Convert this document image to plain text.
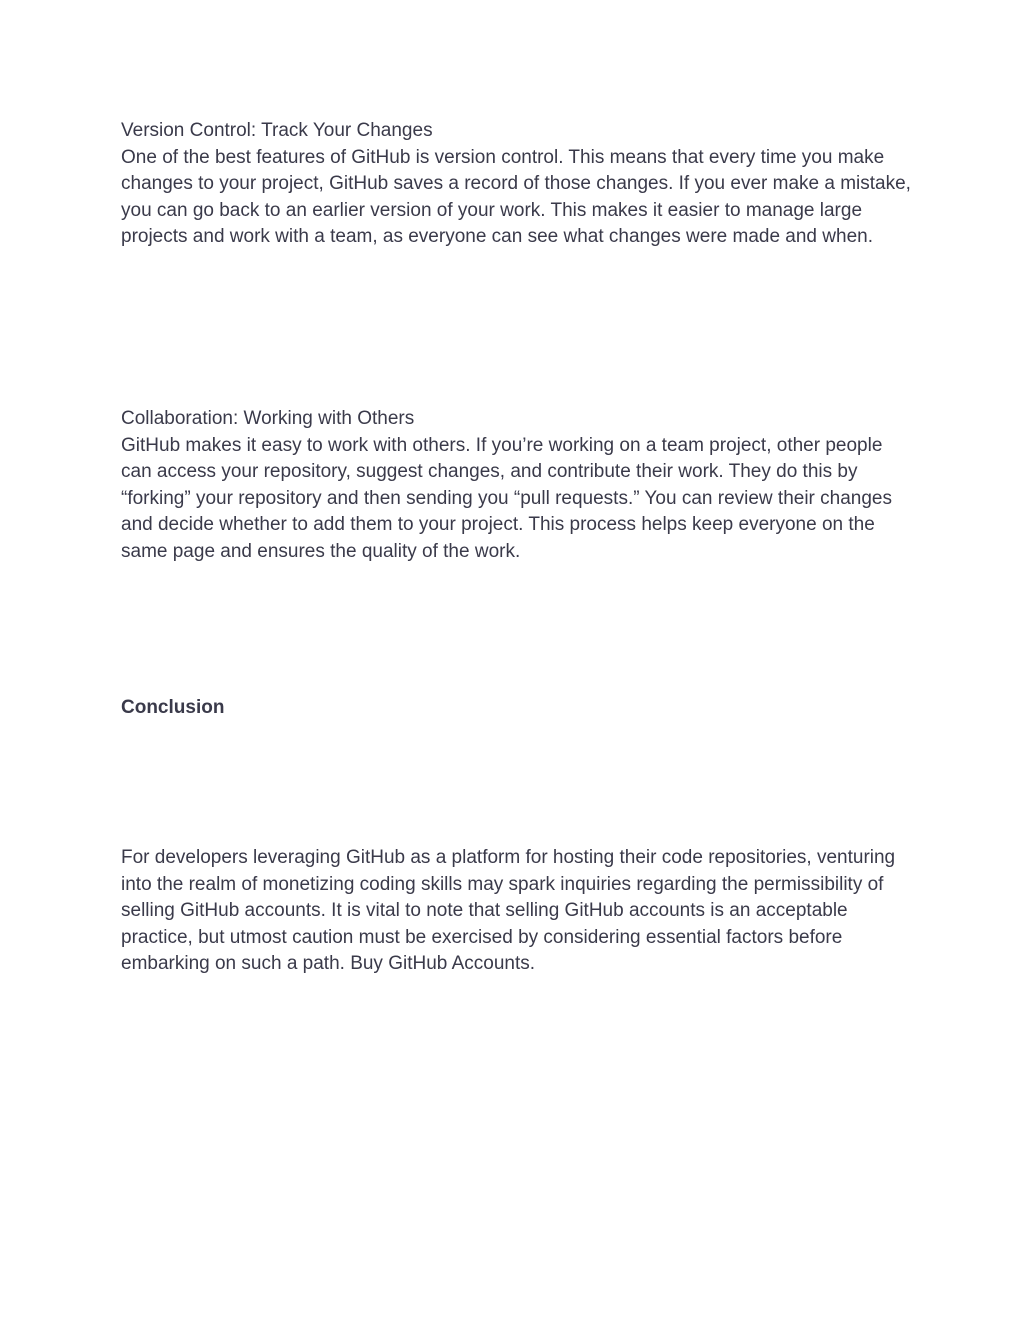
Version Control: Track Your Changes

One of the best features of GitHub is version control. This means that every time you make changes to your project, GitHub saves a record of those changes. If you ever make a mistake, you can go back to an earlier version of your work. This makes it easier to manage large projects and work with a team, as everyone can see what changes were made and when.

Collaboration: Working with Others

GitHub makes it easy to work with others. If you’re working on a team project, other people can access your repository, suggest changes, and contribute their work. They do this by “forking” your repository and then sending you “pull requests.” You can review their changes and decide whether to add them to your project. This process helps keep everyone on the same page and ensures the quality of the work.

Conclusion

For developers leveraging GitHub as a platform for hosting their code repositories, venturing into the realm of monetizing coding skills may spark inquiries regarding the permissibility of selling GitHub accounts. It is vital to note that selling GitHub accounts is an acceptable practice, but utmost caution must be exercised by considering essential factors before embarking on such a path. Buy GitHub Accounts.
